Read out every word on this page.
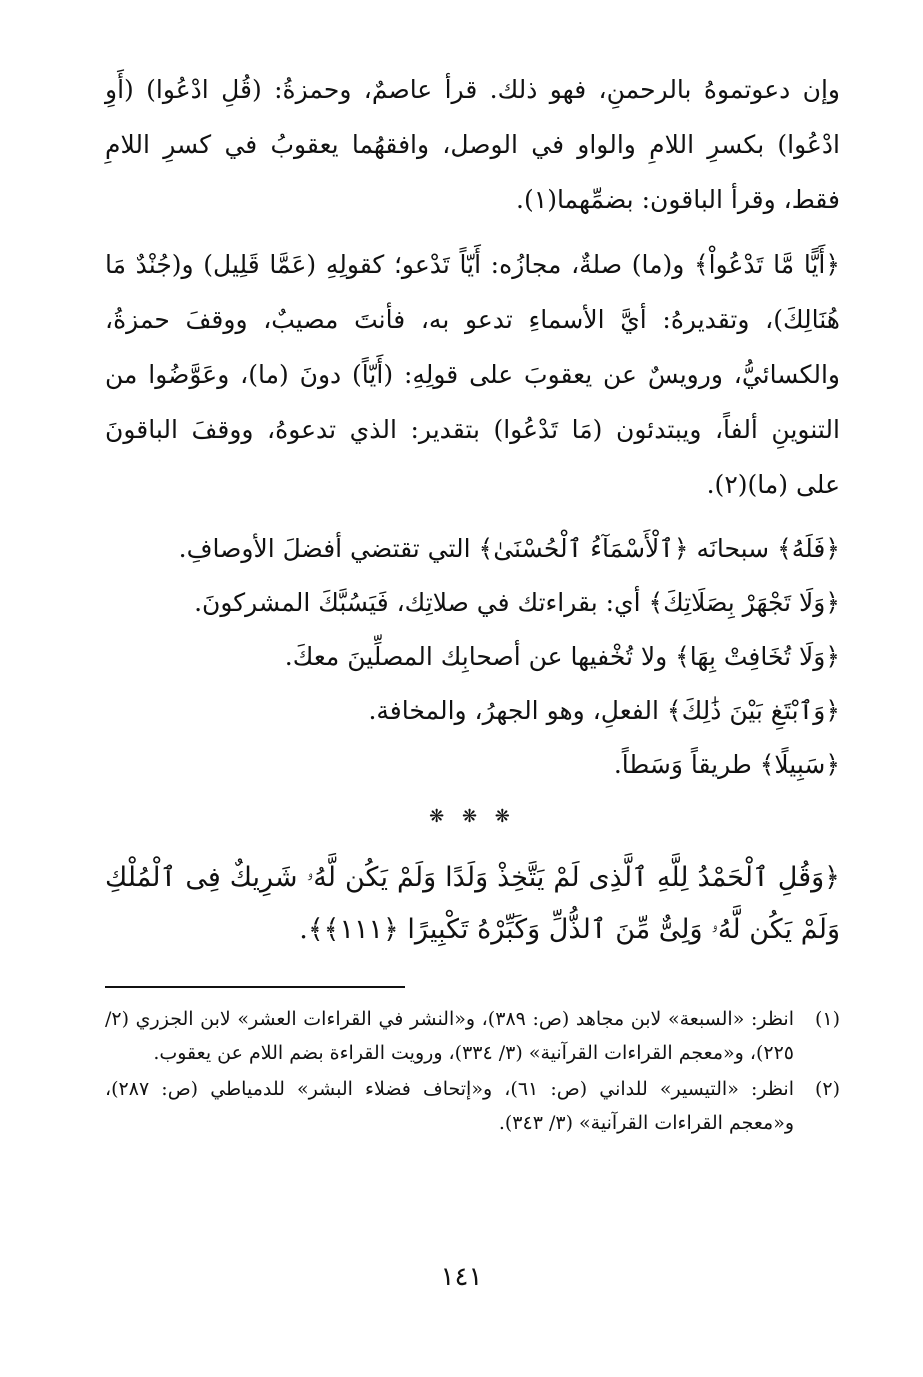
وإن دعوتموهُ بالرحمنِ، فهو ذلك. قرأ عاصمٌ، وحمزةُ: (قُلِ ادْعُوا) (أَوِ ادْعُوا) بكسرِ اللامِ والواو في الوصل، وافقهُما يعقوبُ في كسرِ اللامِ فقط، وقرأ الباقون: بضمِّهما(١).

﴿أَيًّا مَّا تَدْعُواْ﴾ و(ما) صلةٌ، مجازُه: أَيّاً تَدْعو؛ كقولِهِ (عَمَّا قَلِيل) و(جُنْدٌ مَا هُنَالِكَ)، وتقديرهُ: أيَّ الأسماءِ تدعو به، فأنتَ مصيبٌ، ووقفَ حمزةُ، والكسائيُّ، ورويسٌ عن يعقوبَ على قولِهِ: (أَيّاً) دونَ (ما)، وعَوَّضُوا من التنوينِ ألفاً، ويبتدئون (مَا تَدْعُوا) بتقدير: الذي تدعوهُ، ووقفَ الباقونَ على (ما)(٢).

﴿فَلَهُ﴾ سبحانَه ﴿ٱلْأَسْمَآءُ ٱلْحُسْنَىٰ﴾ التي تقتضي أفضلَ الأوصافِ.

﴿وَلَا تَجْهَرْ بِصَلَاتِكَ﴾ أي: بقراءتك في صلاتِك، فَيَسُبَّكَ المشركونَ.

﴿وَلَا تُخَافِتْ بِهَا﴾ ولا تُخْفيها عن أصحابِك المصلِّينَ معكَ.

﴿وَٱبْتَغِ بَيْنَ ذَٰلِكَ﴾ الفعلِ، وهو الجهرُ، والمخافة.

﴿سَبِيلًا﴾ طريقاً وَسَطاً.

❋ ❋ ❋

﴿وَقُلِ ٱلْحَمْدُ لِلَّهِ ٱلَّذِى لَمْ يَتَّخِذْ وَلَدًا وَلَمْ يَكُن لَّهُۥ شَرِيكٌ فِى ٱلْمُلْكِ وَلَمْ يَكُن لَّهُۥ وَلِىٌّ مِّنَ ٱلذُّلِّ وَكَبِّرْهُ تَكْبِيرًا ﴿١١١﴾﴾.

(١)
انظر: «السبعة» لابن مجاهد (ص: ٣٨٩)، و«النشر في القراءات العشر» لابن الجزري (٢/ ٢٢٥)، و«معجم القراءات القرآنية» (٣/ ٣٣٤)، ورويت القراءة بضم اللام عن يعقوب.
(٢)
انظر: «التيسير» للداني (ص: ٦١)، و«إتحاف فضلاء البشر» للدمياطي (ص: ٢٨٧)، و«معجم القراءات القرآنية» (٣/ ٣٤٣).
١٤١
